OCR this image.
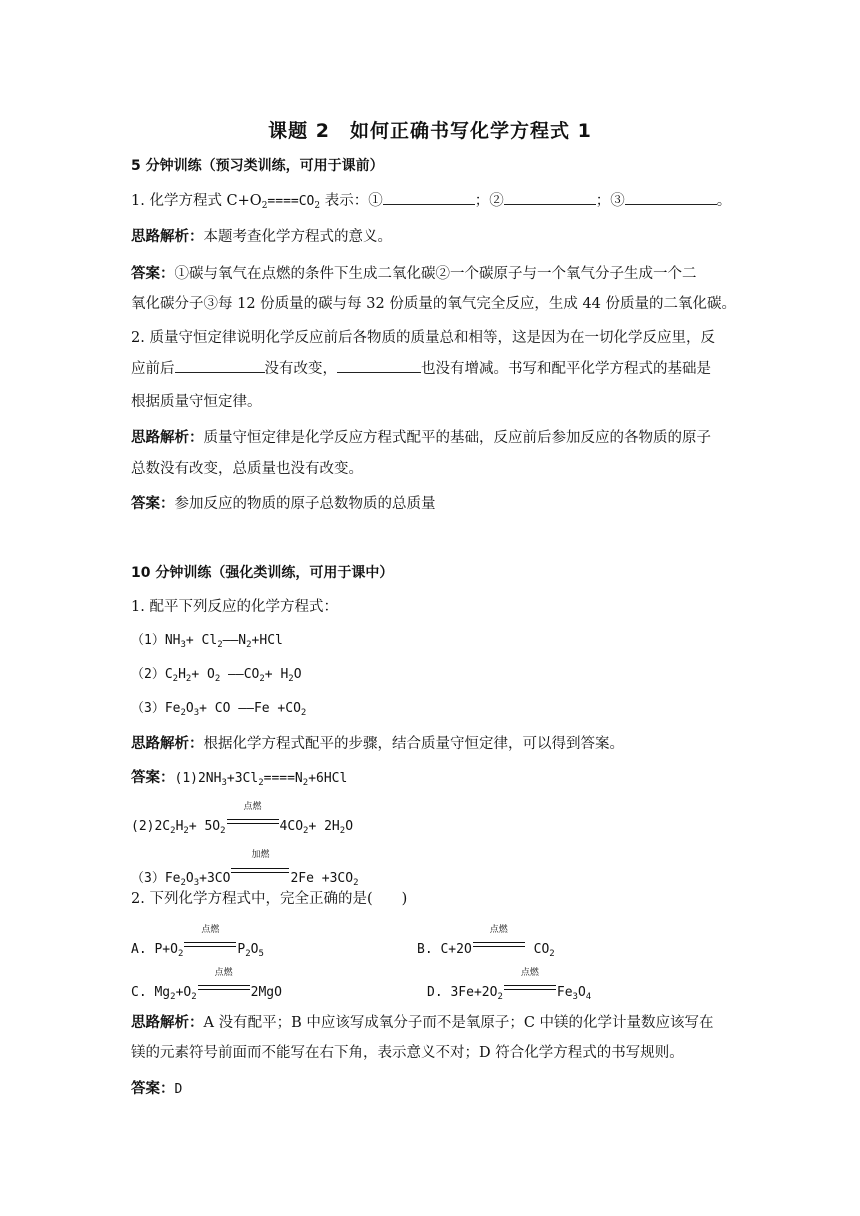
课题 2　如何正确书写化学方程式 1
5 分钟训练（预习类训练，可用于课前）
1. 化学方程式 $C+O_2====CO_2$ 表示：①	；②	；③	。
思路解析：本题考查化学方程式的意义。
答案：①碳与氧气在点燃的条件下生成二氧化碳②一个碳原子与一个氧气分子生成一个二
氧化碳分子③每 12 份质量的碳与每 32 份质量的氧气完全反应，生成 44 份质量的二氧化碳。
2. 质量守恒定律说明化学反应前后各物质的质量总和相等，这是因为在一切化学反应里，反
应前后	没有改变，	也没有增减。书写和配平化学方程式的基础是
根据质量守恒定律。
思路解析：质量守恒定律是化学反应方程式配平的基础，反应前后参加反应的各物质的原子
总数没有改变，总质量也没有改变。
答案：参加反应的物质的原子总数物质的总质量
10 分钟训练（强化类训练，可用于课中）
1. 配平下列反应的化学方程式：
$(1)NH_3+$ $Cl_2——N_2+HCl$
$(2)C_2H_2+ O_2$ $——CO_2+ H_2O$
$(3)Fe_2O_3+$ CO ——Fe $+CO_2$
思路解析：根据化学方程式配平的步骤，结合质量守恒定律，可以得到答案。
答案：$(1)2NH_3+3Cl_2====N_2+6HCl$
$(2)2C_2H_2+ 5O_2$
点燃
$4CO_2+ 2H_2O$
$(3)Fe_2O_3+3CO$
加燃
$2Fe +3CO_2$
2. 下列化学方程式中，完全正确的是(　　)
A. $P+O_2$
点燃
$P_2O_5$	B. C+2O
点燃
$CO_2$
C. $Mg_2+O_2$
点燃
2MgO	D. $3Fe+2O_2$
点燃
$Fe_3O_4$
思路解析：A 没有配平；B 中应该写成氧分子而不是氧原子；C 中镁的化学计量数应该写在
镁的元素符号前面而不能写在右下角，表示意义不对；D 符合化学方程式的书写规则。
答案：D
